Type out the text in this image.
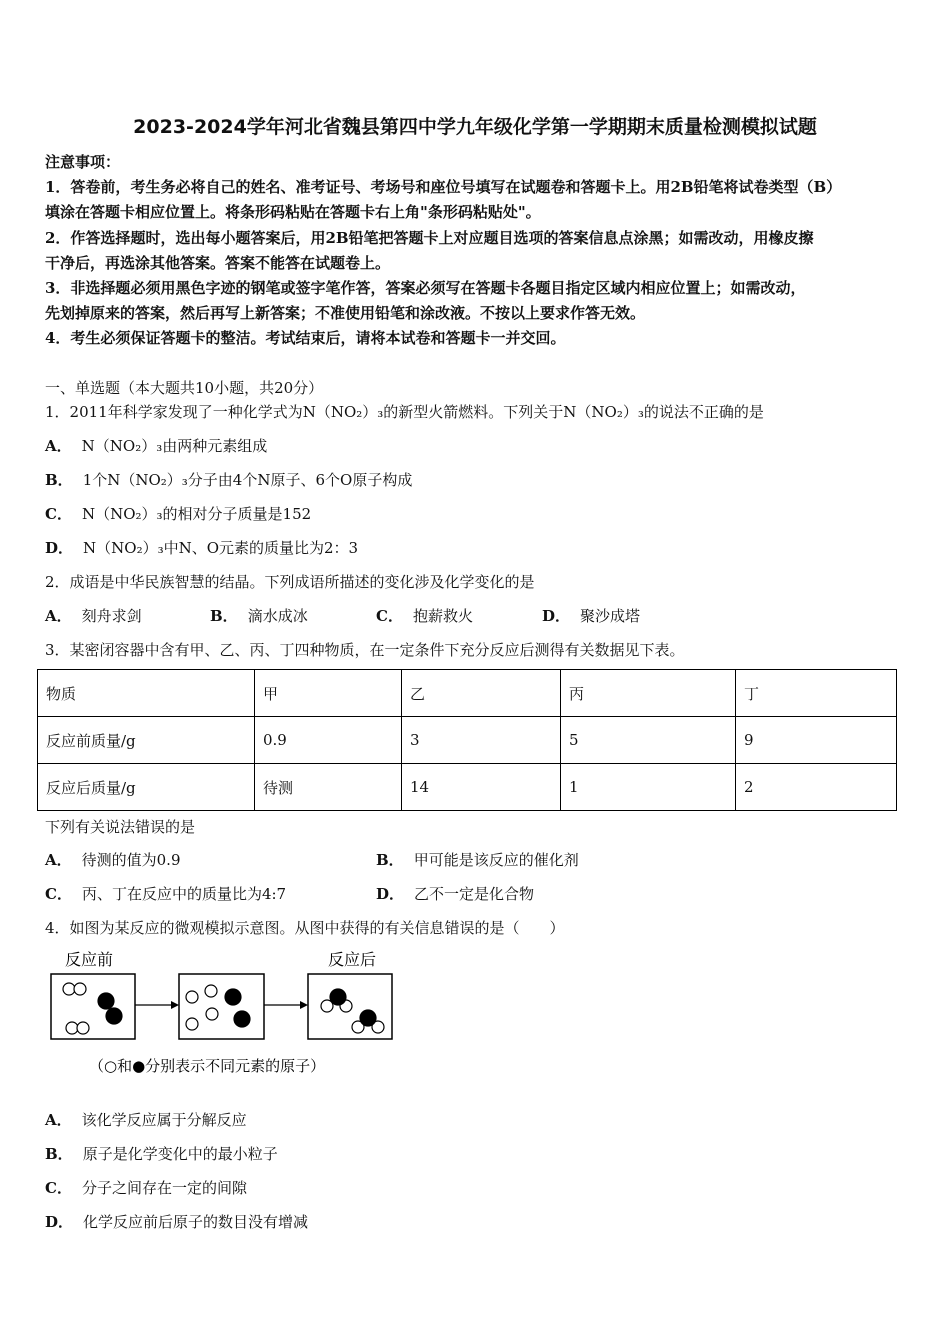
2023-2024学年河北省魏县第四中学九年级化学第一学期期末质量检测模拟试题
注意事项：
1．答卷前，考生务必将自己的姓名、准考证号、考场号和座位号填写在试题卷和答题卡上。用2B铅笔将试卷类型（B）
填涂在答题卡相应位置上。将条形码粘贴在答题卡右上角"条形码粘贴处"。
2．作答选择题时，选出每小题答案后，用2B铅笔把答题卡上对应题目选项的答案信息点涂黑；如需改动，用橡皮擦
干净后，再选涂其他答案。答案不能答在试题卷上。
3．非选择题必须用黑色字迹的钢笔或签字笔作答，答案必须写在答题卡各题目指定区域内相应位置上；如需改动，
先划掉原来的答案，然后再写上新答案；不准使用铅笔和涂改液。不按以上要求作答无效。
4．考生必须保证答题卡的整洁。考试结束后，请将本试卷和答题卡一并交回。
一、单选题（本大题共10小题，共20分）
1．2011年科学家发现了一种化学式为N（NO₂）₃的新型火箭燃料。下列关于N（NO₂）₃的说法不正确的是
A． N（NO₂）₃由两种元素组成
B． 1个N（NO₂）₃分子由4个N原子、6个O原子构成
C． N（NO₂）₃的相对分子质量是152
D． N（NO₂）₃中N、O元素的质量比为2：3
2．成语是中华民族智慧的结晶。下列成语所描述的变化涉及化学变化的是
A． 刻舟求剑	B． 滴水成冰	C． 抱薪救火	D． 聚沙成塔
3．某密闭容器中含有甲、乙、丙、丁四种物质，在一定条件下充分反应后测得有关数据见下表。
物质	甲	乙	丙	丁
反应前质量/g	0.9	3	5	9
反应后质量/g	待测	14	1	2
下列有关说法错误的是
A． 待测的值为0.9	B． 甲可能是该反应的催化剂
C． 丙、丁在反应中的质量比为4:7	D． 乙不一定是化合物
4．如图为某反应的微观模拟示意图。从图中获得的有关信息错误的是（　　）
反应前	反应后
（○和●分别表示不同元素的原子）
A． 该化学反应属于分解反应
B． 原子是化学变化中的最小粒子
C． 分子之间存在一定的间隙
D． 化学反应前后原子的数目没有增减
